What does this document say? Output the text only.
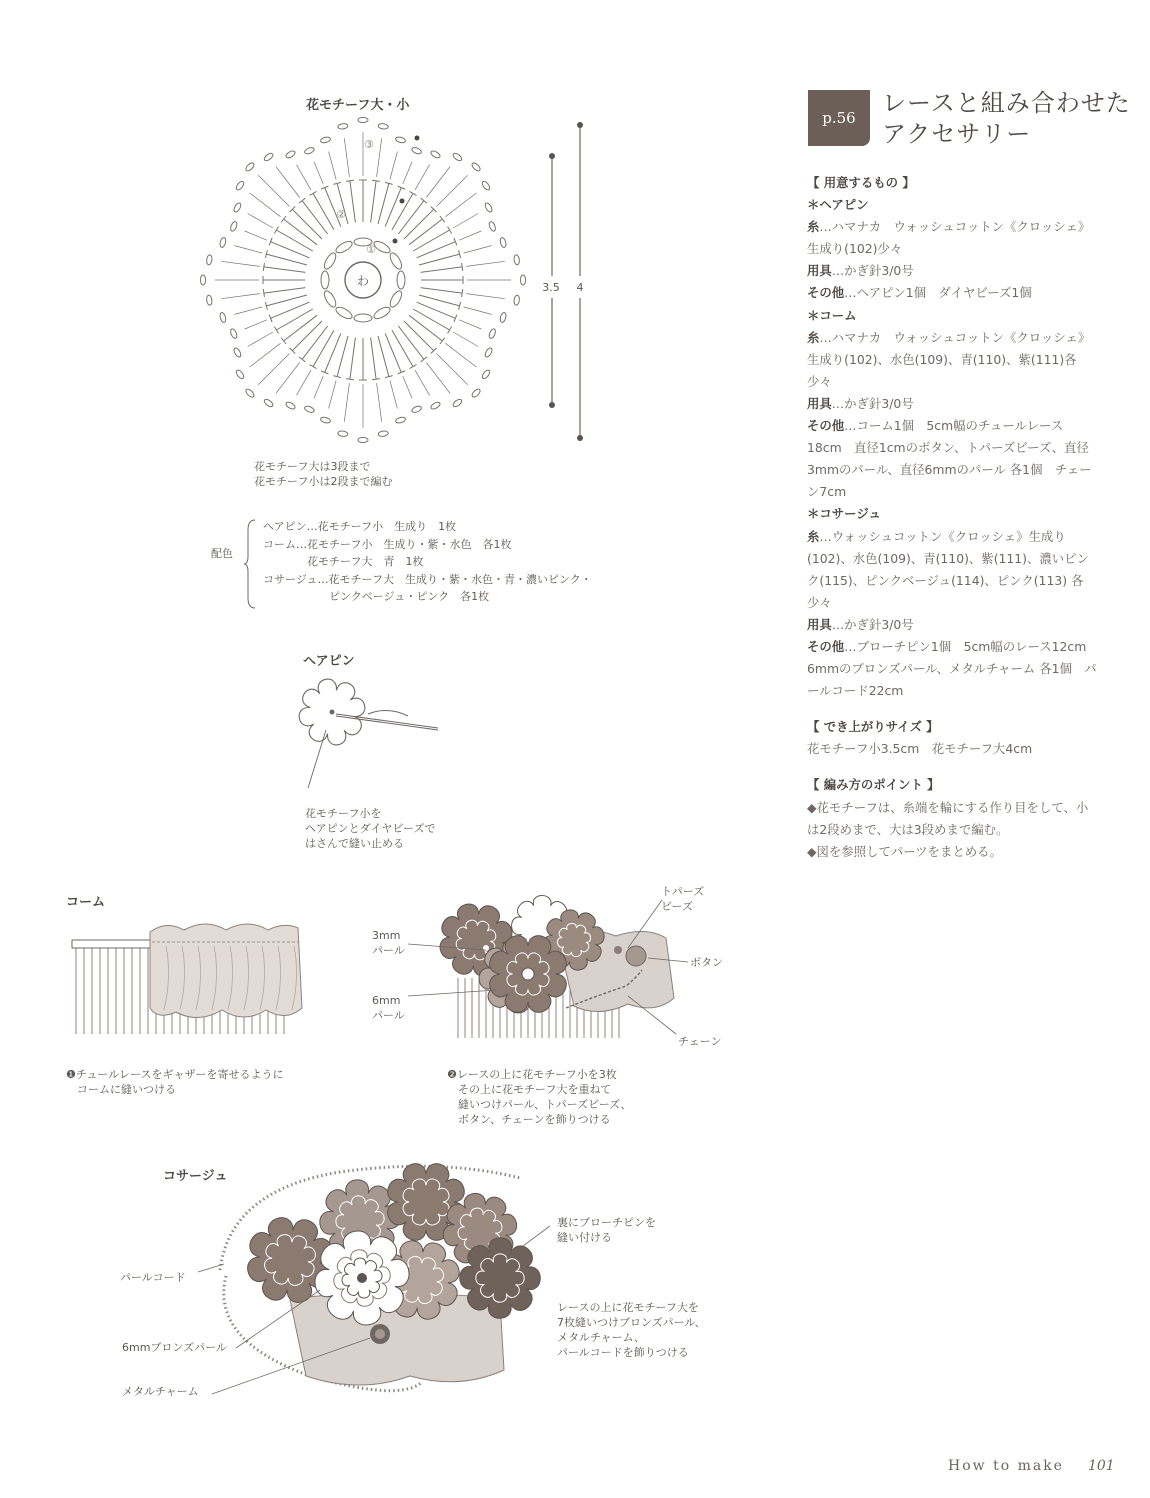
花モチーフ大・小
わ
①
②
③
3.5 4
花モチーフ大は3段まで
花モチーフ小は2段まで編む
配色
ヘアピン…花モチーフ小　生成り　1枚
コーム…花モチーフ小　生成り・紫・水色　各1枚
　　　　花モチーフ大　青　1枚
コサージュ…花モチーフ大　生成り・紫・水色・青・濃いピンク・
　　　　　　ピンクベージュ・ピンク　各1枚
ヘアピン
花モチーフ小を
ヘアピンとダイヤビーズで
はさんで縫い止める
コーム
❶チュールレースをギャザーを寄せるように
　コームに縫いつける
3mm
パール
6mm
パール
トパーズ
ビーズ
ボタン
チェーン
❷レースの上に花モチーフ小を3枚
　その上に花モチーフ大を重ねて
　縫いつけパール、トパーズビーズ、
　ボタン、チェーンを飾りつける
コサージュ
パールコード
6mmブロンズパール
メタルチャーム
裏にブローチピンを
縫い付ける
レースの上に花モチーフ大を
7枚縫いつけブロンズパール、
メタルチャーム、
パールコードを飾りつける
p.56
レースと組み合わせた
アクセサリー
【 用意するもの 】
＊ヘアピン
糸…ハマナカ　ウォッシュコットン《クロッシェ》生成り(102)少々
用具…かぎ針3/0号
その他…ヘアピン1個　ダイヤビーズ1個
＊コーム
糸…ハマナカ　ウォッシュコットン《クロッシェ》生成り(102)、水色(109)、青(110)、紫(111)各少々
用具…かぎ針3/0号
その他…コーム1個　5cm幅のチュールレース18cm　直径1cmのボタン、トパーズビーズ、直径3mmのパール、直径6mmのパール 各1個　チェーン7cm
＊コサージュ
糸…ウォッシュコットン《クロッシェ》生成り(102)、水色(109)、青(110)、紫(111)、濃いピンク(115)、ピンクベージュ(114)、ピンク(113) 各少々
用具…かぎ針3/0号
その他…ブローチピン1個　5cm幅のレース12cm　6mmのブロンズパール、メタルチャーム 各1個　パールコード22cm
【 でき上がりサイズ 】
花モチーフ小3.5cm　花モチーフ大4cm
【 編み方のポイント 】
◆花モチーフは、糸端を輪にする作り目をして、小は2段めまで、大は3段めまで編む。
◆図を参照してパーツをまとめる。
How to make 101
